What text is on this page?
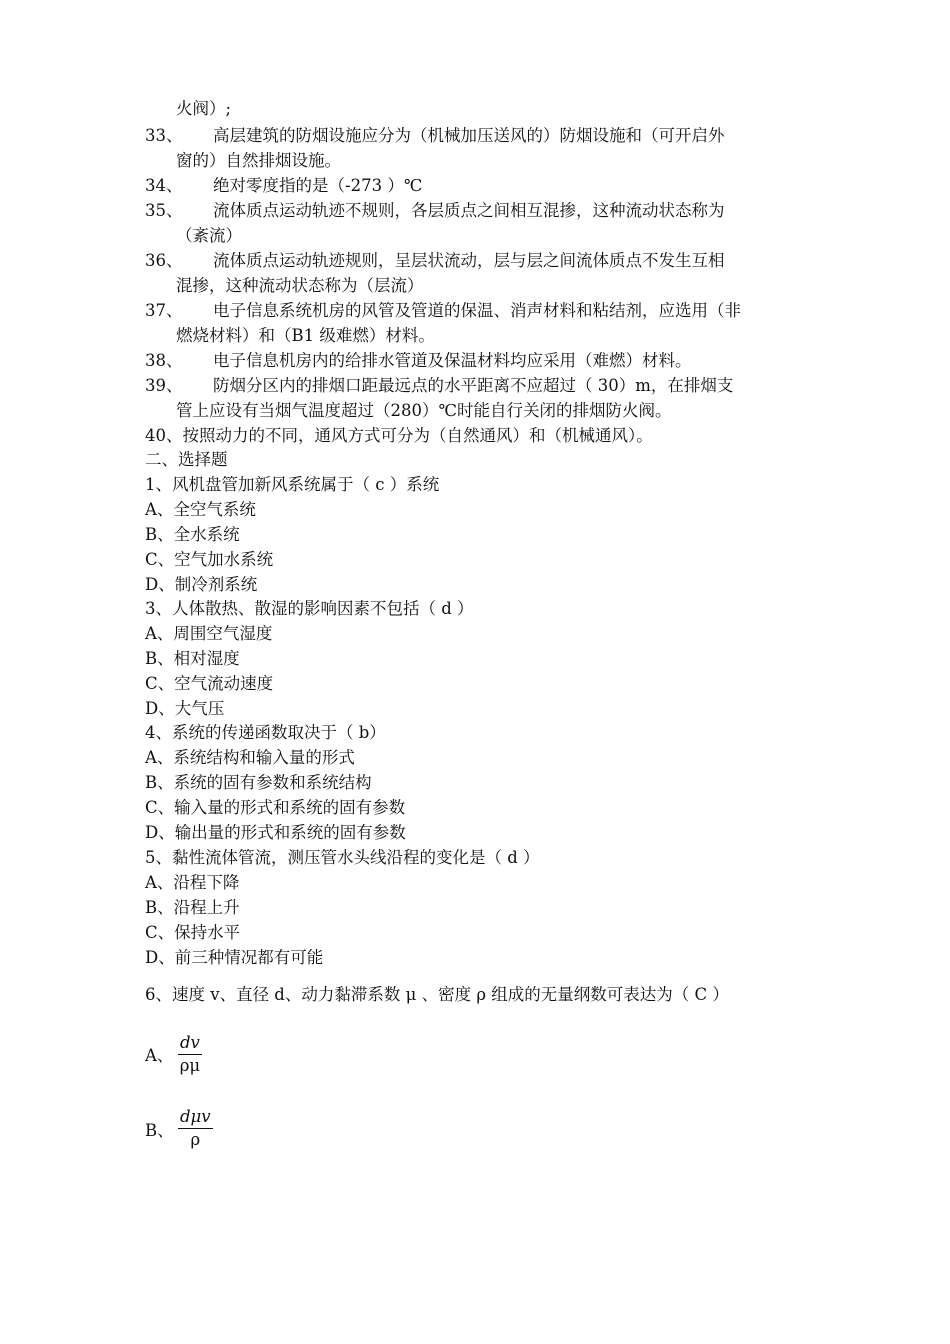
火阀）;
33、 高层建筑的防烟设施应分为（机械加压送风的）防烟设施和（可开启外
窗的）自然排烟设施。
34、 绝对零度指的是（-273 ）℃
35、 流体质点运动轨迹不规则，各层质点之间相互混掺，这种流动状态称为
（紊流）
36、 流体质点运动轨迹规则，呈层状流动，层与层之间流体质点不发生互相
混掺，这种流动状态称为（层流）
37、 电子信息系统机房的风管及管道的保温、消声材料和粘结剂，应选用（非
燃烧材料）和（B1 级难燃）材料。
38、 电子信息机房内的给排水管道及保温材料均应采用（难燃）材料。
39、 防烟分区内的排烟口距最远点的水平距离不应超过（ 30）m，在排烟支
管上应设有当烟气温度超过（280）℃时能自行关闭的排烟防火阀。
40、按照动力的不同，通风方式可分为（自然通风）和（机械通风）。
二、选择题
1、风机盘管加新风系统属于（ c ）系统
A、全空气系统
B、全水系统
C、空气加水系统
D、制冷剂系统
3、人体散热、散湿的影响因素不包括（ d ）
A、周围空气湿度
B、相对湿度
C、空气流动速度
D、大气压
4、系统的传递函数取决于（ b）
A、系统结构和输入量的形式
B、系统的固有参数和系统结构
C、输入量的形式和系统的固有参数
D、输出量的形式和系统的固有参数
5、黏性流体管流，测压管水头线沿程的变化是（ d ）
A、沿程下降
B、沿程上升
C、保持水平
D、前三种情况都有可能
6、速度 v、直径 d、动力黏滞系数 μ 、密度 ρ 组成的无量纲数可表达为（ C ）
A、 $\frac{dv}{\rho\mu}$
B、
dμv
ρ
